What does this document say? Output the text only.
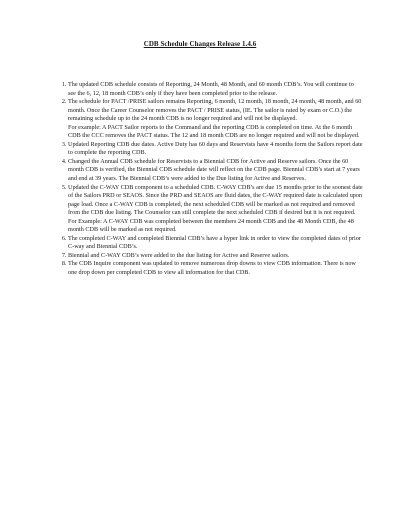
CDB Schedule Changes Release 1.4.6
1. The updated CDB schedule consists of Reporting, 24 Month, 48 Month, and 60 month CDB’s. You will continue to see the 6, 12, 18 month CDB’s only if they have been completed prior to the release.
2. The schedule for PACT /PRISE sailors remains Reporting, 6 month, 12 month, 18 month, 24 month, 48 month, and 60 month. Once the Career Counselor removes the PACT / PRISE status, (IE. The sailor is rated by exam or C.O.) the remaining schedule up to the 24 month CDB is no longer required and will not be displayed.
For example: A PACT Sailor reports to the Command and the reporting CDB is completed on time. At the 6 month CDB the CCC removes the PACT status. The 12 and 18 month CDB are no longer required and will not be displayed.
3. Updated Reporting CDB due dates. Active Duty has 60 days and Reservists have 4 months form the Sailors report date to complete the reporting CDB.
4. Changed the Annual CDB schedule for Reservists to a Biennial CDB for Active and Reserve sailors. Once the 60 month CDB is verified, the Biennial CDB schedule date will reflect on the CDB page. Biennial CDB’s start at 7 years and end at 39 years. The Biennial CDB’s were added to the Due listing for Active and Reserves.
5. Updated the C-WAY CDB component to a scheduled CDB. C-WAY CDB’s are due 15 months prior to the soonest date of the Sailors PRD or SEAOS. Since the PRD and SEAOS are fluid dates, the C-WAY required date is calculated upon page load. Once a C-WAY CDB is completed, the next scheduled CDB will be marked as not required and removed from the CDB due listing. The Counselor can still complete the next scheduled CDB if desired but it is not required.
For Example: A C-WAY CDB was completed between the members 24 month CDB and the 48 Month CDB, the 48 month CDB will be marked as not required.
6. The completed C-WAY and completed Biennial CDB’s have a hyper link in order to view the completed dates of prior C-way and Biennial CDB’s.
7. Biennial and C-WAY CDB’s were added to the due listing for Active and Reserve sailors.
8. The CDB Inquire component was updated to remove numerous drop downs to view CDB information. There is now one drop down per completed CDB to view all information for that CDB.
